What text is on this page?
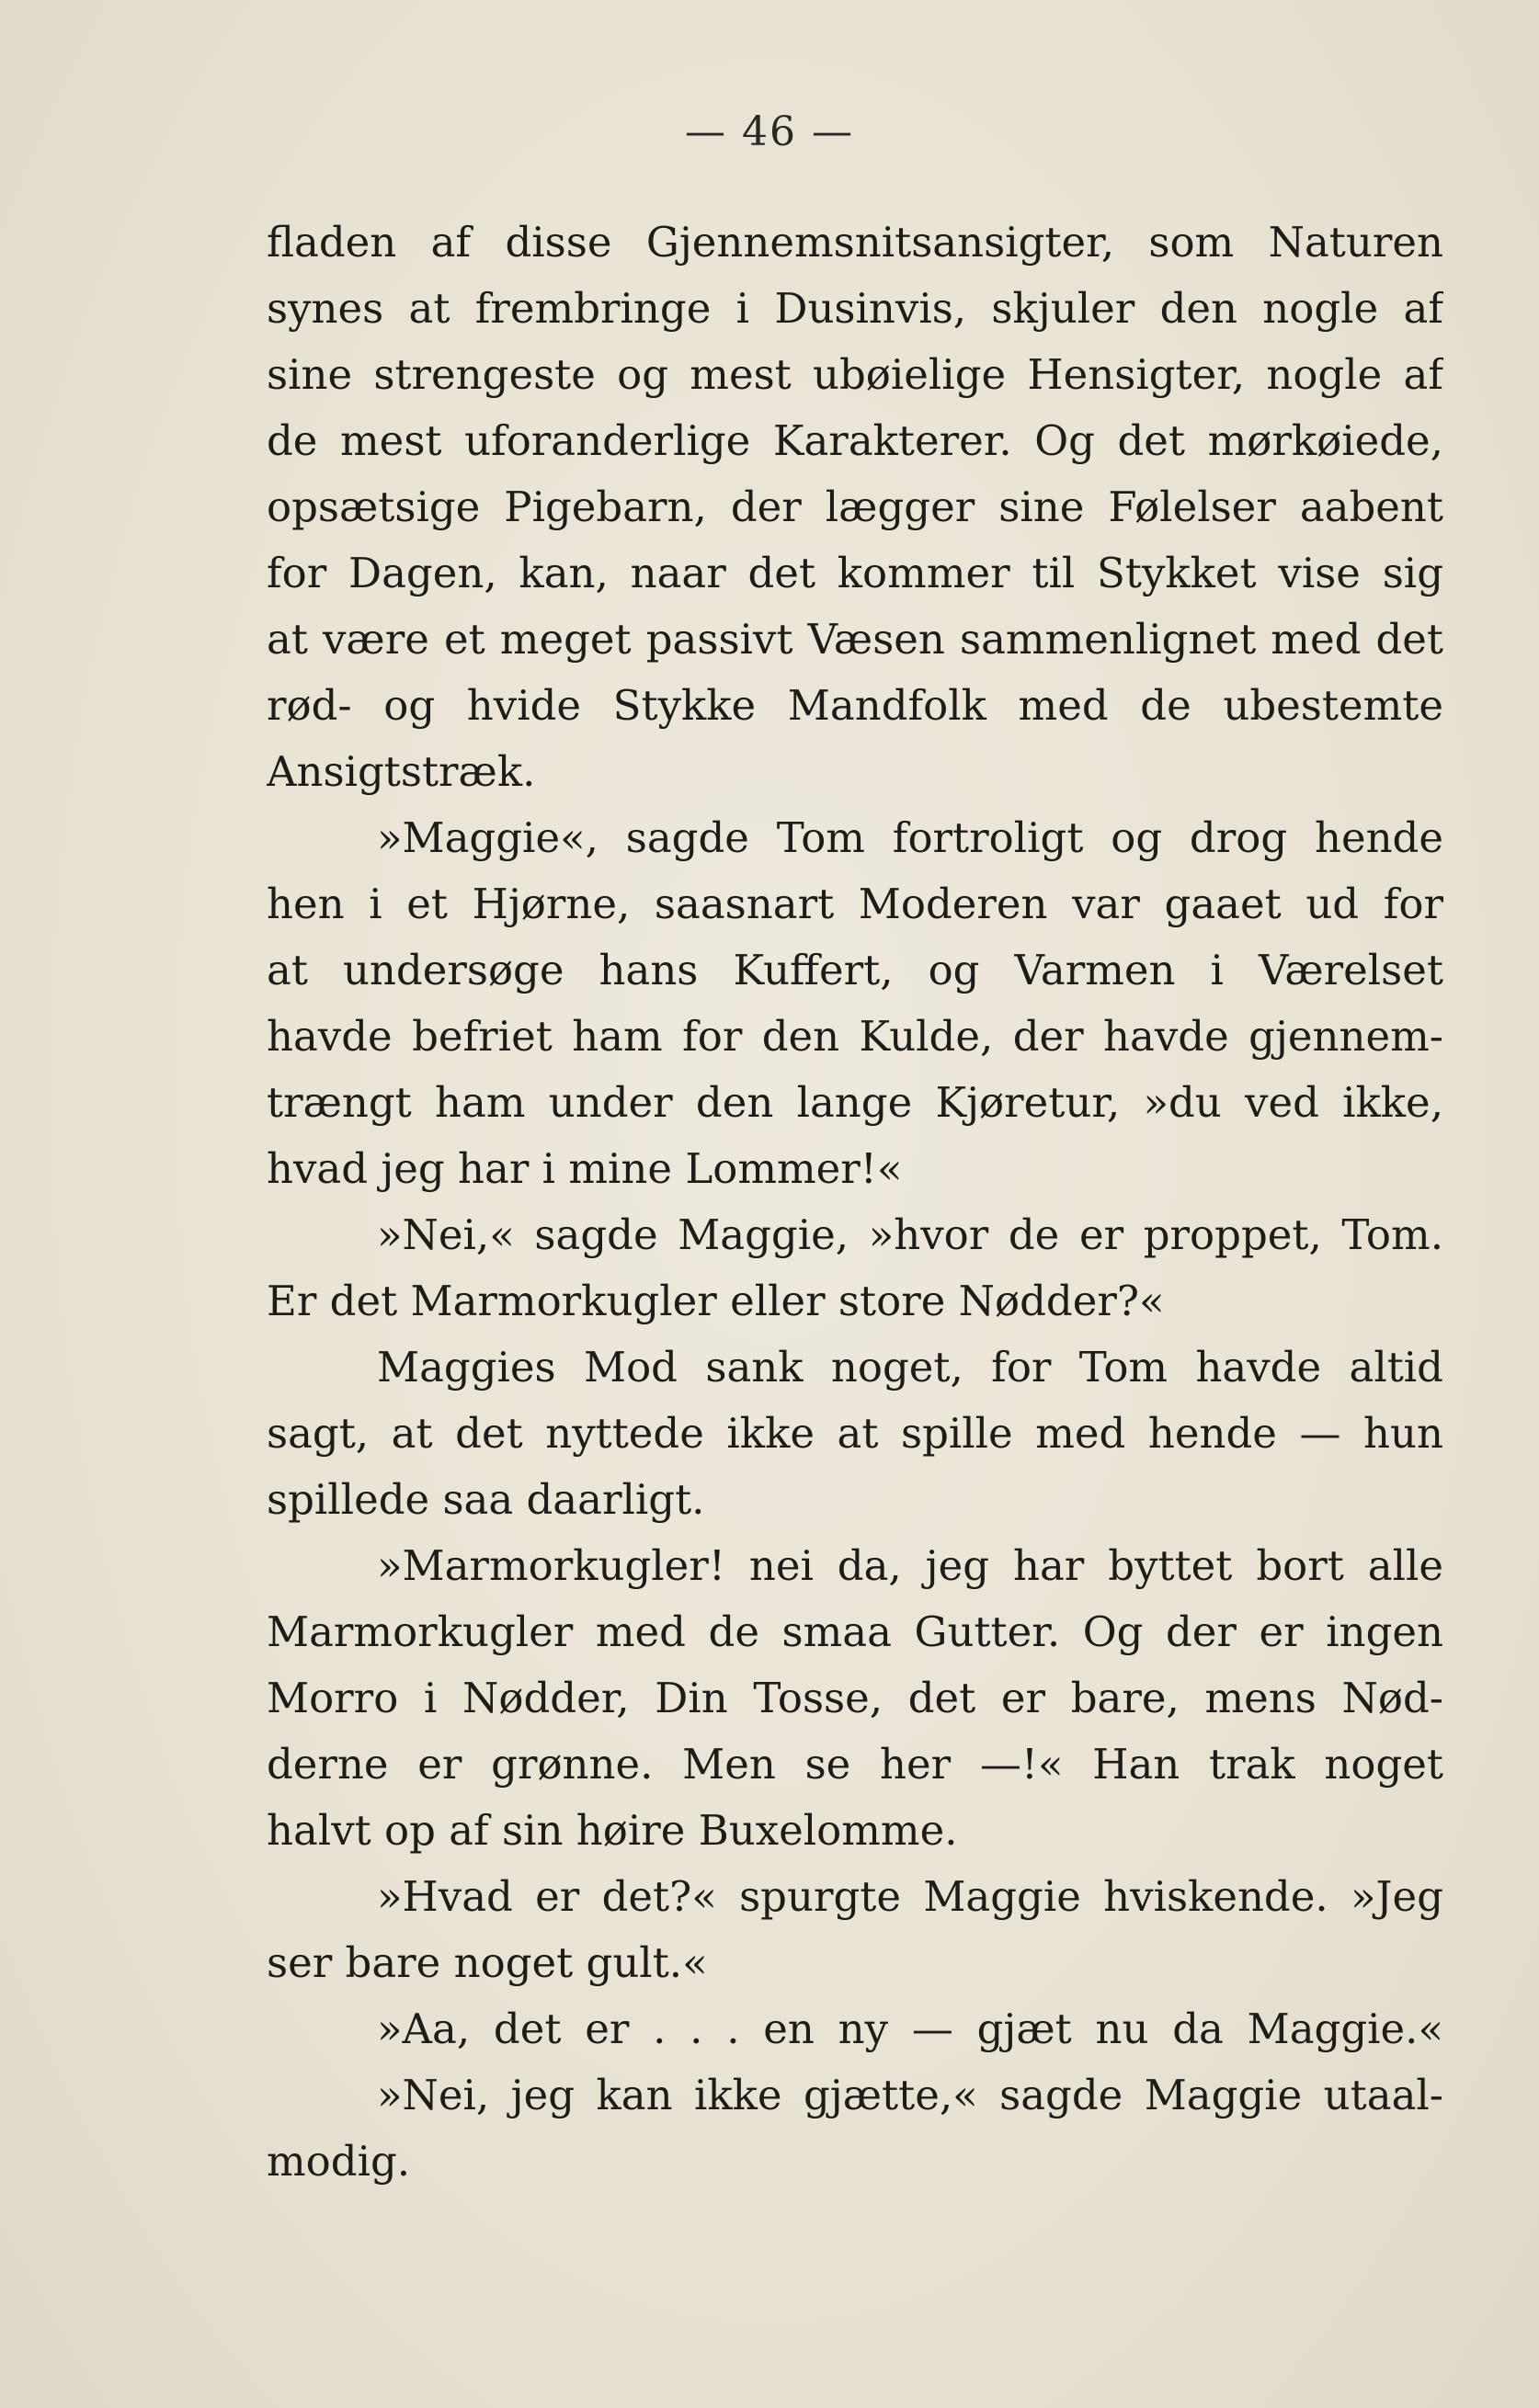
— 46 —
fladen af disse Gjennemsnitsansigter, som Naturen
synes at frembringe i Dusinvis, skjuler den nogle af
sine strengeste og mest ubøielige Hensigter, nogle af
de mest uforanderlige Karakterer. Og det mørkøiede,
opsætsige Pigebarn, der lægger sine Følelser aabent
for Dagen, kan, naar det kommer til Stykket vise sig
at være et meget passivt Væsen sammenlignet med det
rød- og hvide Stykke Mandfolk med de ubestemte
Ansigtstræk.
»Maggie«, sagde Tom fortroligt og drog hende
hen i et Hjørne, saasnart Moderen var gaaet ud for
at undersøge hans Kuffert, og Varmen i Værelset
havde befriet ham for den Kulde, der havde gjennem-
trængt ham under den lange Kjøretur, »du ved ikke,
hvad jeg har i mine Lommer!«
»Nei,« sagde Maggie, »hvor de er proppet, Tom.
Er det Marmorkugler eller store Nødder?«
Maggies Mod sank noget, for Tom havde altid
sagt, at det nyttede ikke at spille med hende — hun
spillede saa daarligt.
»Marmorkugler! nei da, jeg har byttet bort alle
Marmorkugler med de smaa Gutter. Og der er ingen
Morro i Nødder, Din Tosse, det er bare, mens Nød-
derne er grønne. Men se her —!« Han trak noget
halvt op af sin høire Buxelomme.
»Hvad er det?« spurgte Maggie hviskende. »Jeg
ser bare noget gult.«
»Aa, det er . . . en ny — gjæt nu da Maggie.«
»Nei, jeg kan ikke gjætte,« sagde Maggie utaal-
modig.
